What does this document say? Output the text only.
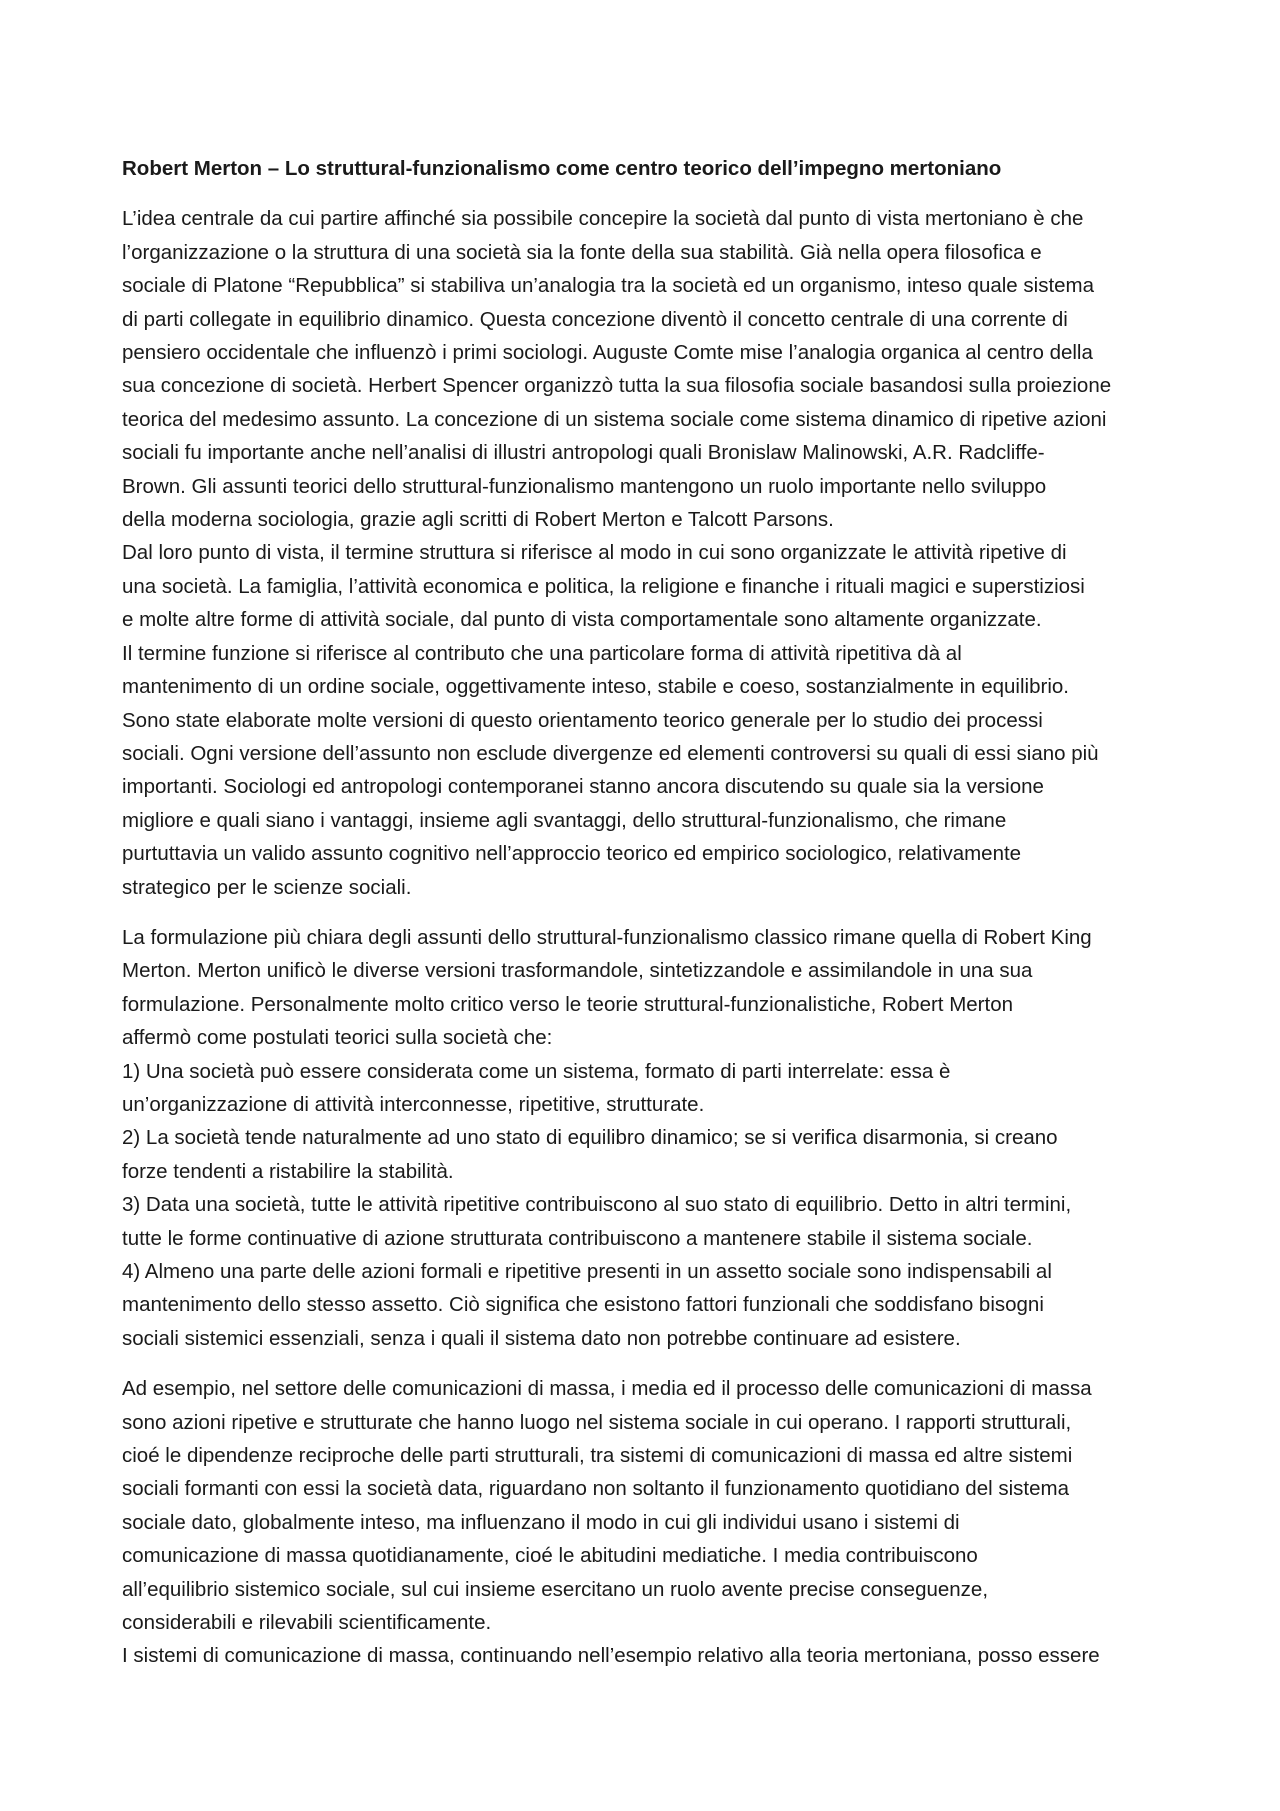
Robert Merton – Lo struttural-funzionalismo come centro teorico dell’impegno mertoniano
L’idea centrale da cui partire affinché sia possibile concepire la società dal punto di vista mertoniano è che
l’organizzazione o la struttura di una società sia la fonte della sua stabilità. Già nella opera filosofica e
sociale di Platone “Repubblica” si stabiliva un’analogia tra la società ed un organismo, inteso quale sistema
di parti collegate in equilibrio dinamico. Questa concezione diventò il concetto centrale di una corrente di
pensiero occidentale che influenzò i primi sociologi. Auguste Comte mise l’analogia organica al centro della
sua concezione di società. Herbert Spencer organizzò tutta la sua filosofia sociale basandosi sulla proiezione
teorica del medesimo assunto. La concezione di un sistema sociale come sistema dinamico di ripetive azioni
sociali fu importante anche nell’analisi di illustri antropologi quali Bronislaw Malinowski, A.R. Radcliffe-
Brown. Gli assunti teorici dello struttural-funzionalismo mantengono un ruolo importante nello sviluppo
della moderna sociologia, grazie agli scritti di Robert Merton e Talcott Parsons.
Dal loro punto di vista, il termine struttura si riferisce al modo in cui sono organizzate le attività ripetive di
una società. La famiglia, l’attività economica e politica, la religione e finanche i rituali magici e superstiziosi
e molte altre forme di attività sociale, dal punto di vista comportamentale sono altamente organizzate.
Il termine funzione si riferisce al contributo che una particolare forma di attività ripetitiva dà al
mantenimento di un ordine sociale, oggettivamente inteso, stabile e coeso, sostanzialmente in equilibrio.
Sono state elaborate molte versioni di questo orientamento teorico generale per lo studio dei processi
sociali. Ogni versione dell’assunto non esclude divergenze ed elementi controversi su quali di essi siano più
importanti. Sociologi ed antropologi contemporanei stanno ancora discutendo su quale sia la versione
migliore e quali siano i vantaggi, insieme agli svantaggi, dello struttural-funzionalismo, che rimane
purtuttavia un valido assunto cognitivo nell’approccio teorico ed empirico sociologico, relativamente
strategico per le scienze sociali.
La formulazione più chiara degli assunti dello struttural-funzionalismo classico rimane quella di Robert King
Merton. Merton unificò le diverse versioni trasformandole, sintetizzandole e assimilandole in una sua
formulazione. Personalmente molto critico verso le teorie struttural-funzionalistiche, Robert Merton
affermò come postulati teorici sulla società che:
1) Una società può essere considerata come un sistema, formato di parti interrelate: essa è
un’organizzazione di attività interconnesse, ripetitive, strutturate.
2) La società tende naturalmente ad uno stato di equilibro dinamico; se si verifica disarmonia, si creano
forze tendenti a ristabilire la stabilità.
3) Data una società, tutte le attività ripetitive contribuiscono al suo stato di equilibrio. Detto in altri termini,
tutte le forme continuative di azione strutturata contribuiscono a mantenere stabile il sistema sociale.
4) Almeno una parte delle azioni formali e ripetitive presenti in un assetto sociale sono indispensabili al
mantenimento dello stesso assetto. Ciò significa che esistono fattori funzionali che soddisfano bisogni
sociali sistemici essenziali, senza i quali il sistema dato non potrebbe continuare ad esistere.
Ad esempio, nel settore delle comunicazioni di massa, i media ed il processo delle comunicazioni di massa
sono azioni ripetive e strutturate che hanno luogo nel sistema sociale in cui operano. I rapporti strutturali,
cioé le dipendenze reciproche delle parti strutturali, tra sistemi di comunicazioni di massa ed altre sistemi
sociali formanti con essi la società data, riguardano non soltanto il funzionamento quotidiano del sistema
sociale dato, globalmente inteso, ma influenzano il modo in cui gli individui usano i sistemi di
comunicazione di massa quotidianamente, cioé le abitudini mediatiche. I media contribuiscono
all’equilibrio sistemico sociale, sul cui insieme esercitano un ruolo avente precise conseguenze,
considerabili e rilevabili scientificamente.
I sistemi di comunicazione di massa, continuando nell’esempio relativo alla teoria mertoniana, posso essere
